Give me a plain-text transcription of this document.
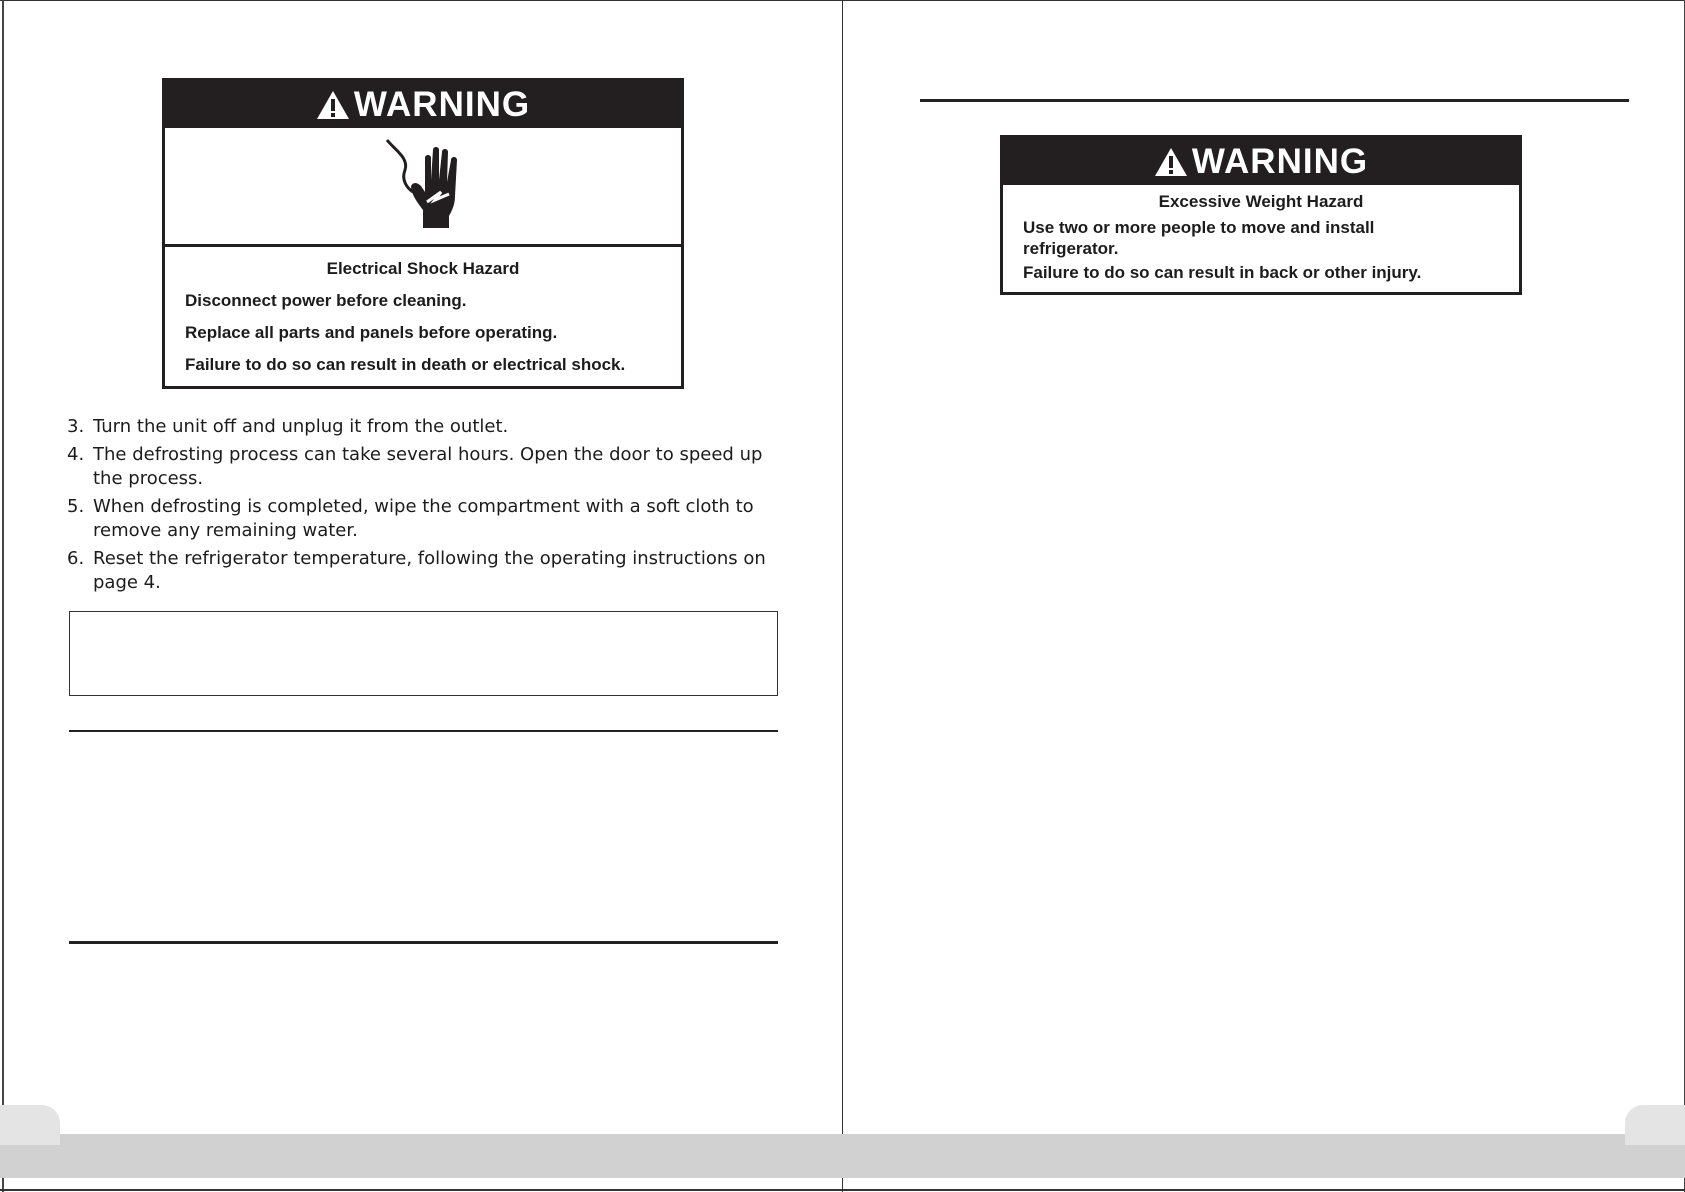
WARNING
Electrical Shock Hazard
Disconnect power before cleaning.
Replace all parts and panels before operating.
Failure to do so can result in death or electrical shock.
3. Turn the unit off and unplug it from the outlet.
4. The defrosting process can take several hours. Open the door to speed up the process.
5. When defrosting is completed, wipe the compartment with a soft cloth to remove any remaining water.
6. Reset the refrigerator temperature, following the operating instructions on page 4.
WARNING
Excessive Weight Hazard
Use two or more people to move and install refrigerator.
Failure to do so can result in back or other injury.
